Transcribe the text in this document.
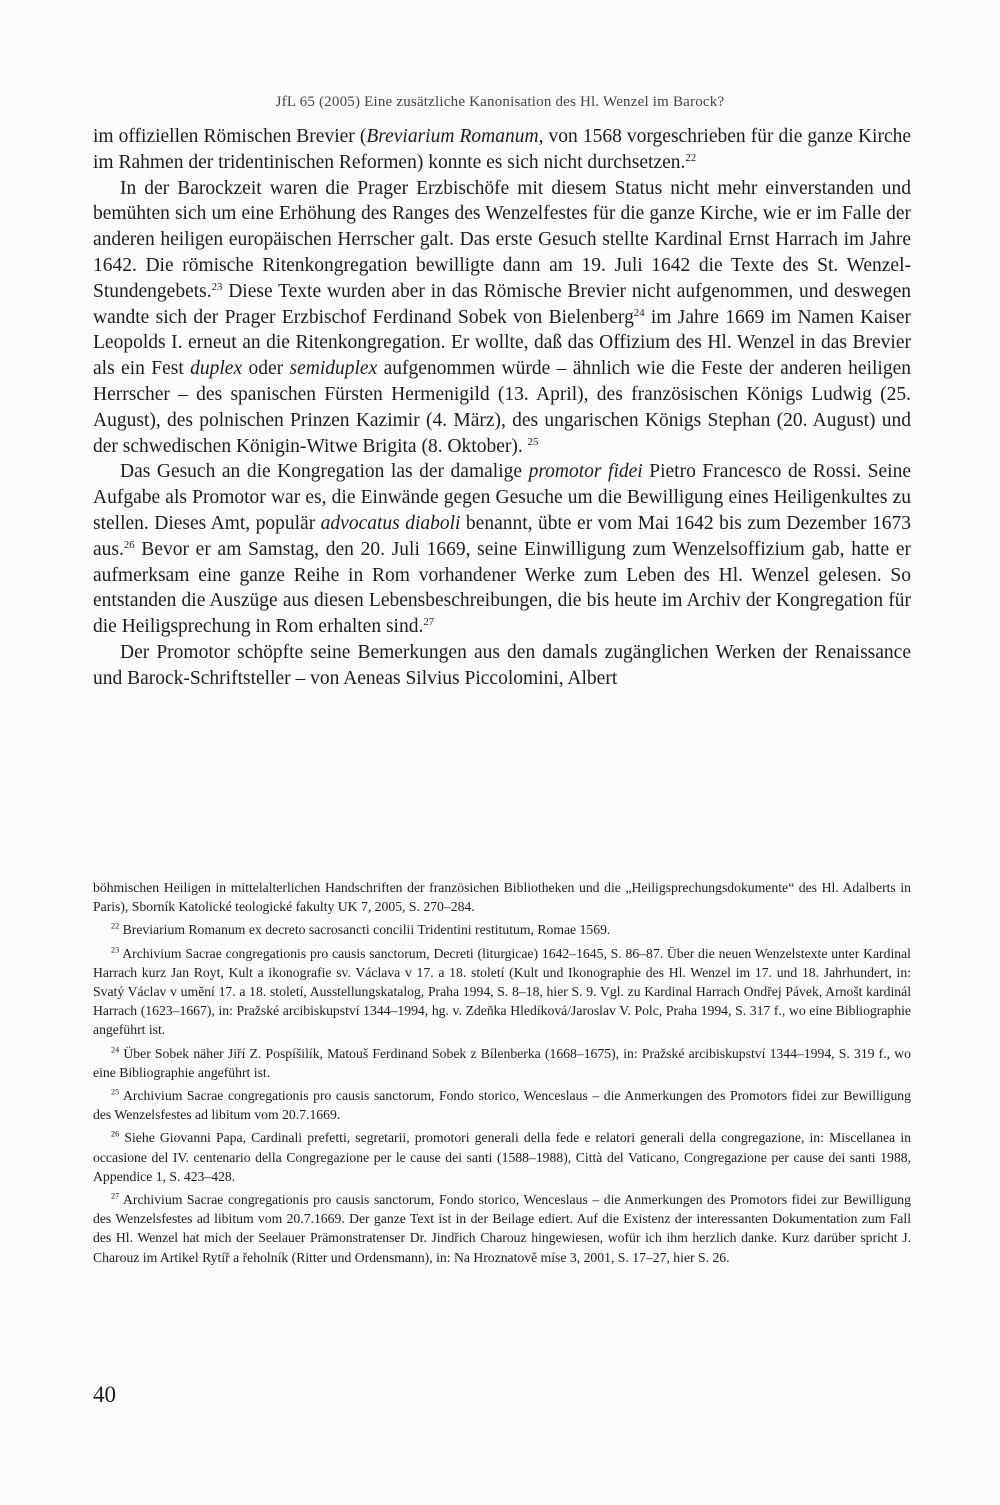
JfL 65 (2005) Eine zusätzliche Kanonisation des Hl. Wenzel im Barock?

im offiziellen Römischen Brevier (Breviarium Romanum, von 1568 vorgeschrieben für die ganze Kirche im Rahmen der tridentinischen Reformen) konnte es sich nicht durchsetzen.$^{22}$

In der Barockzeit waren die Prager Erzbischöfe mit diesem Status nicht mehr einverstanden und bemühten sich um eine Erhöhung des Ranges des Wenzelfestes für die ganze Kirche, wie er im Falle der anderen heiligen europäischen Herrscher galt. Das erste Gesuch stellte Kardinal Ernst Harrach im Jahre 1642. Die römische Ritenkongregation bewilligte dann am 19. Juli 1642 die Texte des St. Wenzel-Stundengebets.$^{23}$ Diese Texte wurden aber in das Römische Brevier nicht aufgenommen, und deswegen wandte sich der Prager Erzbischof Ferdinand Sobek von Bielenberg$^{24}$ im Jahre 1669 im Namen Kaiser Leopolds I. erneut an die Ritenkongregation. Er wollte, daß das Offizium des Hl. Wenzel in das Brevier als ein Fest duplex oder semiduplex aufgenommen würde – ähnlich wie die Feste der anderen heiligen Herrscher – des spanischen Fürsten Hermenigild (13. April), des französischen Königs Ludwig (25. August), des polnischen Prinzen Kazimir (4. März), des ungarischen Königs Stephan (20. August) und der schwedischen Königin-Witwe Brigita (8. Oktober). $^{25}$

Das Gesuch an die Kongregation las der damalige promotor fidei Pietro Francesco de Rossi. Seine Aufgabe als Promotor war es, die Einwände gegen Gesuche um die Bewilligung eines Heiligenkultes zu stellen. Dieses Amt, populär advocatus diaboli benannt, übte er vom Mai 1642 bis zum Dezember 1673 aus.$^{26}$ Bevor er am Samstag, den 20. Juli 1669, seine Einwilligung zum Wenzelsoffizium gab, hatte er aufmerksam eine ganze Reihe in Rom vorhandener Werke zum Leben des Hl. Wenzel gelesen. So entstanden die Auszüge aus diesen Lebensbeschreibungen, die bis heute im Archiv der Kongregation für die Heiligsprechung in Rom erhalten sind.$^{27}$

Der Promotor schöpfte seine Bemerkungen aus den damals zugänglichen Werken der Renaissance und Barock-Schriftsteller – von Aeneas Silvius Piccolomini, Albert

böhmischen Heiligen in mittelalterlichen Handschriften der französichen Bibliotheken und die „Heiligsprechungsdokumente“ des Hl. Adalberts in Paris), Sborník Katolické teologické fakulty UK 7, 2005, S. 270–284.

$^{22}$ Breviarium Romanum ex decreto sacrosancti concilii Tridentini restitutum, Romae 1569.

$^{23}$ Archivium Sacrae congregationis pro causis sanctorum, Decreti (liturgicae) 1642–1645, S. 86–87. Über die neuen Wenzelstexte unter Kardinal Harrach kurz Jan Royt, Kult a ikonografie sv. Václava v 17. a 18. století (Kult und Ikonographie des Hl. Wenzel im 17. und 18. Jahrhundert, in: Svatý Václav v umění 17. a 18. století, Ausstellungskatalog, Praha 1994, S. 8–18, hier S. 9. Vgl. zu Kardinal Harrach Ondřej Pávek, Arnošt kardinál Harrach (1623–1667), in: Pražské arcibiskupství 1344–1994, hg. v. Zdeňka Hledíková/Jaroslav V. Polc, Praha 1994, S. 317 f., wo eine Bibliographie angeführt ist.

$^{24}$ Über Sobek näher Jiří Z. Pospíšilík, Matouš Ferdinand Sobek z Bílenberka (1668–1675), in: Pražské arcibiskupství 1344–1994, S. 319 f., wo eine Bibliographie angeführt ist.

$^{25}$ Archivium Sacrae congregationis pro causis sanctorum, Fondo storico, Wenceslaus – die Anmerkungen des Promotors fidei zur Bewilligung des Wenzelsfestes ad libitum vom 20.7.1669.

$^{26}$ Siehe Giovanni Papa, Cardinali prefetti, segretarii, promotori generali della fede e relatori generali della congregazione, in: Miscellanea in occasione del IV. centenario della Congregazione per le cause dei santi (1588–1988), Città del Vaticano, Congregazione per cause dei santi 1988, Appendice 1, S. 423–428.

$^{27}$ Archivium Sacrae congregationis pro causis sanctorum, Fondo storico, Wenceslaus – die Anmerkungen des Promotors fidei zur Bewilligung des Wenzelsfestes ad libitum vom 20.7.1669. Der ganze Text ist in der Beilage ediert. Auf die Existenz der interessanten Dokumentation zum Fall des Hl. Wenzel hat mich der Seelauer Prämonstratenser Dr. Jindřich Charouz hingewiesen, wofür ich ihm herzlich danke. Kurz darüber spricht J. Charouz im Artikel Rytíř a řeholník (Ritter und Ordensmann), in: Na Hroznatově míse 3, 2001, S. 17–27, hier S. 26.

40
